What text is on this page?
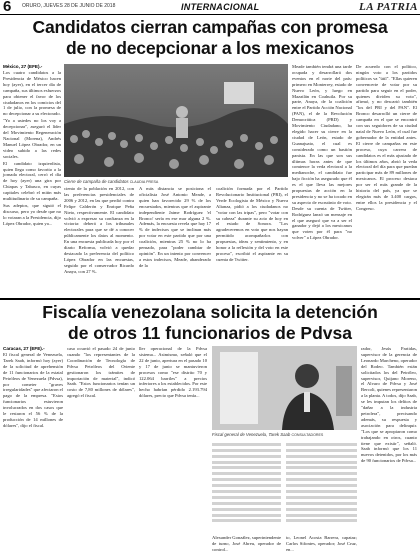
6 ORURO, JUEVES 28 DE JUNIO DE 2018	INTERNACIONAL	LA PATRIA
Candidatos cierran campañas con promesa
de no decepcionar a los mexicanos
México, 27 (EFE).-

Los cuatro candidatos a la Presidencia de México hacen hoy (ayer), en el tercer día de campaña, sus últimos esfuerzos para obtener el favor de los ciudadanos en los comicios del 1 de julio, con la promesa de no decepcionar a su electorado.

"Yo a ustedes no los voy a decepcionar", aseguró el líder del Movimiento Regeneración Nacional (Morena), Andrés Manuel López Obrador, en un video subido a las redes sociales.

El candidato izquierdista, quien llega como favorito a la jornada electoral, cerró el día de hoy (ayer) una gira por Chiapas y Tabasco, en cuyas capitales celebró el mitin más multitudinario de su campaña.

Sus adeptos, que siguió el discurso, pero yo desde que no lo votaran a la Presidencia, dijo López Obrador, quien ya...

Cierre de campaña de candidatos CLAUDIA PRESA
ciento de la población en 2012, con las preferencias presidenciales de 2006 y 2012, en las que perdió contra Felipe Calderón y Enrique Peña Nieto, respectivamente. El candidato volvió a expresar su confianza en la victoria: deberá a los tribunales electorales para que se dé a conocer públicamente los datos al momento. En una encuesta publicada hoy por el diario Reforma, volvió a quedar destacado la preferencia del político López Obrador en las encuestas, seguido por el conservador Ricardo Anaya, con 27 %.
A más distancia se posiciona el oficialista José Antonio Meade, a quien han favorecido 29 % de los encuestados, mientras que el aspirante independiente Jaime Rodríguez 'el Bronco' sería en ese mar alguna 2 %. Además, la encuesta revela que hay 17 % de indecisos que se inclinan más por votar en este partido que por una coalición, mientras 25 % no lo ha pensado, para "poder cambiar de opinión". En un intento por convencer a estos indecisos, Meade, abanderado de la
coalición formada por el Partido Revolucionario Institucional (PRI), el Verde Ecologista de México y Nueva Alianza, pidió a los ciudadanos no "votar con las tripas", pero "votar con su cabeza" durante su acto de hoy en el estado de Sonora. "Los agradeceremos en voto que nos hayan permitido acompañarlos con propuestas, ideas y sentimiento, y en honor a la reflexión y del voto en este proceso", escribió el aspirante en su cuenta de Twitter.
Meade también tendrá una tarde ocupada y desarrollará dos eventos en el norte del país: primero en Monterrey, estado de Nuevo León, y luego en Mazatlán en Coahuila. Por su parte, Anaya, de la coalición entre el Partido Acción Nacional (PAN), el de la Revolución Democrática (PRD) y Movimiento Ciudadano, ha elegido hacer su cierre en la ciudad de León, estado de Guanajuato, el cual es considerado como un bastión panista. En las que son sus últimas horas antes de que comience la veda electoral a la medianoche, el candidato fue bajo ficción ha asegurado que él es el que lleva las mejores propuestas de acción en la presidencia y no se ha tocado en su aspecto de escrutinio de voto. Desde su cuenta de Twitter, Rodríguez lanzó un mensaje en el que aseguró que va a ser el ganador y dejó a los mexicanos que voten por él para "no volver" a López Obrador.
De acuerdo con el político, ningún voto a los partidos políticos va "útil". "Ellas quieren convencerte de votar por su partido para seguir en el poder, quienes dividen su voto", afirmó, y no descartó también "los del PRI y del PAN". El Bronco desarrolló un cierre de campaña en el que se encontró con sus seguidores de su ciudad natal de Nuevo León, el cual fue gobernador de la entidad antes. El cierre de campañas en este proceso, cuya carrera de candidatos es el más ajustado de los últimos años, abrió la veda electoral del día para que puedan participar más de 89 millones de mexicanos. El proceso destaca por ser el más grande de la historia del país, ya que se elegirán más de 3.400 cargos, entre ellos la presidencia y el Congreso.
Fiscalía venezolana solicita la detención
de otros 11 funcionarios de Pdvsa
Caracas, 27 (EFE).-

El fiscal general de Venezuela, Tarek Saab, informó hoy (ayer) de la solicitud de aprehensión de 11 funcionarios de la estatal Petróleos de Venezuela (Pdvsa), por cometer "graves irregularidades" que afectaron el pago de la empresa. "Estos funcionarios estuvieron involucrados en dos casos que le restaron el 56 % de la producción de 14 millones de dólares", dijo el fiscal.

caso ocurrió el pasado 24 de junio cuando "los representantes de la Coordinación de Tecnología de Pdvsa Petróleos del Oriente gestionaron los trámites de importación de material", indicó Saab. "Estos funcionarios tenían un costo de 7,80 millones de dólares", agregó el fiscal.
ller operacional de la Pdvsa sistema... Asimismo, señaló que el 22 de junio, apertura en el pasado 10 y 17 de junio se mantuvieron procesos como "ese distrito 70 y 122.064 barriles" a precios inferiores a los establecidos. Por este hecho habrían pérdido 2.193.794 dólares, precio que Pdvsa tenía...
Fiscal general de Venezuela, Tarek Saab CONSULTADORES
Alexander González, superintendente de turno, José Abreu, operador de control...
to, Leonel Acosta Barrera, capataz; Carlos Sifontes, operador; José Cruz, en...
rador, Jesús Partidas, supervisor de la gerencia de Leonardo Marcheno, operador del Rodeo. También están solicitados los del Petróleo, supervisor, Quijano Moreno, el Alvaro de Pdvsa y José Bercoli, quienes representaron a la planta. A todos, dijo Saab, se les imputan los delitos de "dañar a la industria petrolera", precisando además, su respuesta y asociación para delinquir. "Los que se apropiaron como trabajando en otros, cuanto tiene que existir", señaló. Saab informó que los 11 nuevos detenidos, por los más de 90 funcionarios de Pdvsa...
